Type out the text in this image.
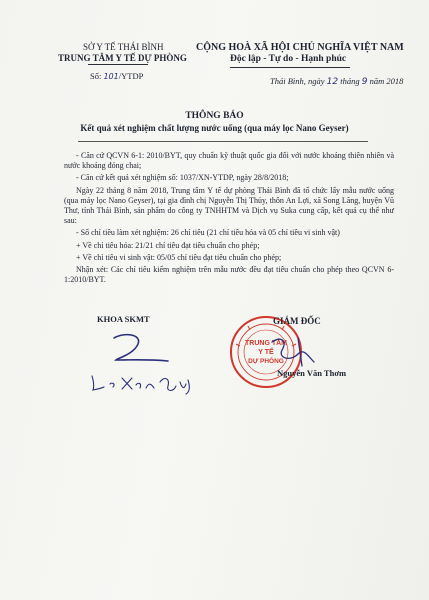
SỞ Y TẾ THÁI BÌNH
TRUNG TÂM Y TẾ DỰ PHÒNG
Số: 101/YTDP
CỘNG HOÀ XÃ HỘI CHỦ NGHĨA VIỆT NAM
Độc lập - Tự do - Hạnh phúc
Thái Bình, ngày 12 tháng 9 năm 2018
THÔNG BÁO
Kết quả xét nghiệm chất lượng nước uống (qua máy lọc Nano Geyser)

- Căn cứ QCVN 6-1: 2010/BYT, quy chuẩn kỹ thuật quốc gia đối với nước khoáng thiên nhiên và nước khoáng đóng chai;

- Căn cứ kết quả xét nghiệm số: 1037/XN-YTDP, ngày 28/8/2018;

Ngày 22 tháng 8 năm 2018, Trung tâm Y tế dự phòng Thái Bình đã tổ chức lấy mẫu nước uống (qua máy lọc Nano Geyser), tại gia đình chị Nguyễn Thị Thủy, thôn An Lợi, xã Song Lãng, huyện Vũ Thư, tỉnh Thái Bình, sản phẩm do công ty TNHHTM và Dịch vụ Suka cung cấp, kết quả cụ thể như sau:

- Số chỉ tiêu làm xét nghiệm: 26 chỉ tiêu (21 chỉ tiêu hóa và 05 chỉ tiêu vi sinh vật)

+ Về chỉ tiêu hóa: 21/21 chỉ tiêu đạt tiêu chuẩn cho phép;

+ Về chỉ tiêu vi sinh vật: 05/05 chỉ tiêu đạt tiêu chuẩn cho phép;

Nhận xét: Các chỉ tiêu kiểm nghiệm trên mẫu nước đều đạt tiêu chuẩn cho phép theo QCVN 6-1:2010/BYT.

KHOA SKMT
TRUNG TÂM
Y TẾ
DỰ PHÒNG
GIÁM ĐỐC
Nguyễn Văn Thơm
